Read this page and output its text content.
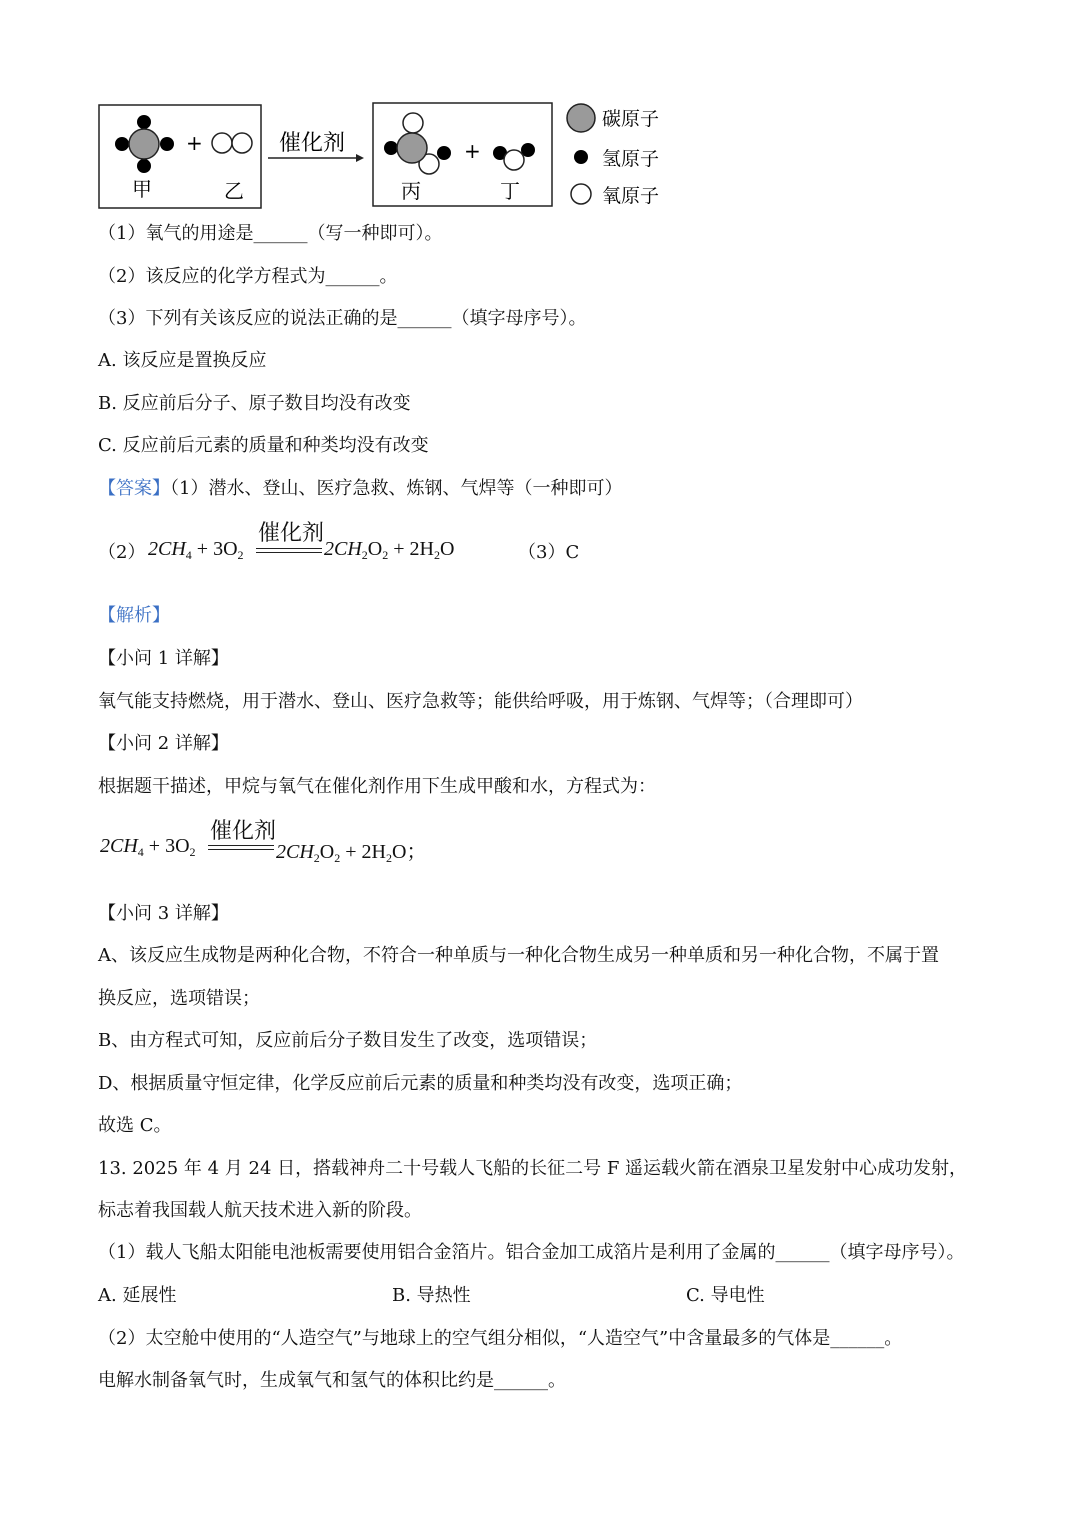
+
甲	乙
催化剂	+
丙	丁
碳原子
氢原子
氧原子
（1）氧气的用途是______（写一种即可）。
（2）该反应的化学方程式为______。
（3）下列有关该反应的说法正确的是______（填字母序号）。
A. 该反应是置换反应
B. 反应前后分子、原子数目均没有改变
C. 反应前后元素的质量和种类均没有改变
【答案】（1）潜水、登山、医疗急救、炼钢、气焊等（一种即可）
（2） $2CH_4 + 3O_2$
催化剂
$2CH_2O_2 + 2H_2O$	（3）C
【解析】
【小问 1 详解】
氧气能支持燃烧，用于潜水、登山、医疗急救等；能供给呼吸，用于炼钢、气焊等；（合理即可）
【小问 2 详解】
根据题干描述，甲烷与氧气在催化剂作用下生成甲酸和水，方程式为：
$2CH_4 + 3O_2$
催化剂
$2CH_2O_2 + 2H_2O$；
【小问 3 详解】
A、该反应生成物是两种化合物，不符合一种单质与一种化合物生成另一种单质和另一种化合物，不属于置
换反应，选项错误；
B、由方程式可知，反应前后分子数目发生了改变，选项错误；
D、根据质量守恒定律，化学反应前后元素的质量和种类均没有改变，选项正确；
故选 C。
13. 2025 年 4 月 24 日，搭载神舟二十号载人飞船的长征二号 F 遥运载火箭在酒泉卫星发射中心成功发射，
标志着我国载人航天技术进入新的阶段。
（1）载人飞船太阳能电池板需要使用铝合金箔片。铝合金加工成箔片是利用了金属的______（填字母序号）。
A. 延展性	B. 导热性	C. 导电性
（2）太空舱中使用的“人造空气”与地球上的空气组分相似，“人造空气”中含量最多的气体是______。
电解水制备氧气时，生成氧气和氢气的体积比约是______。
